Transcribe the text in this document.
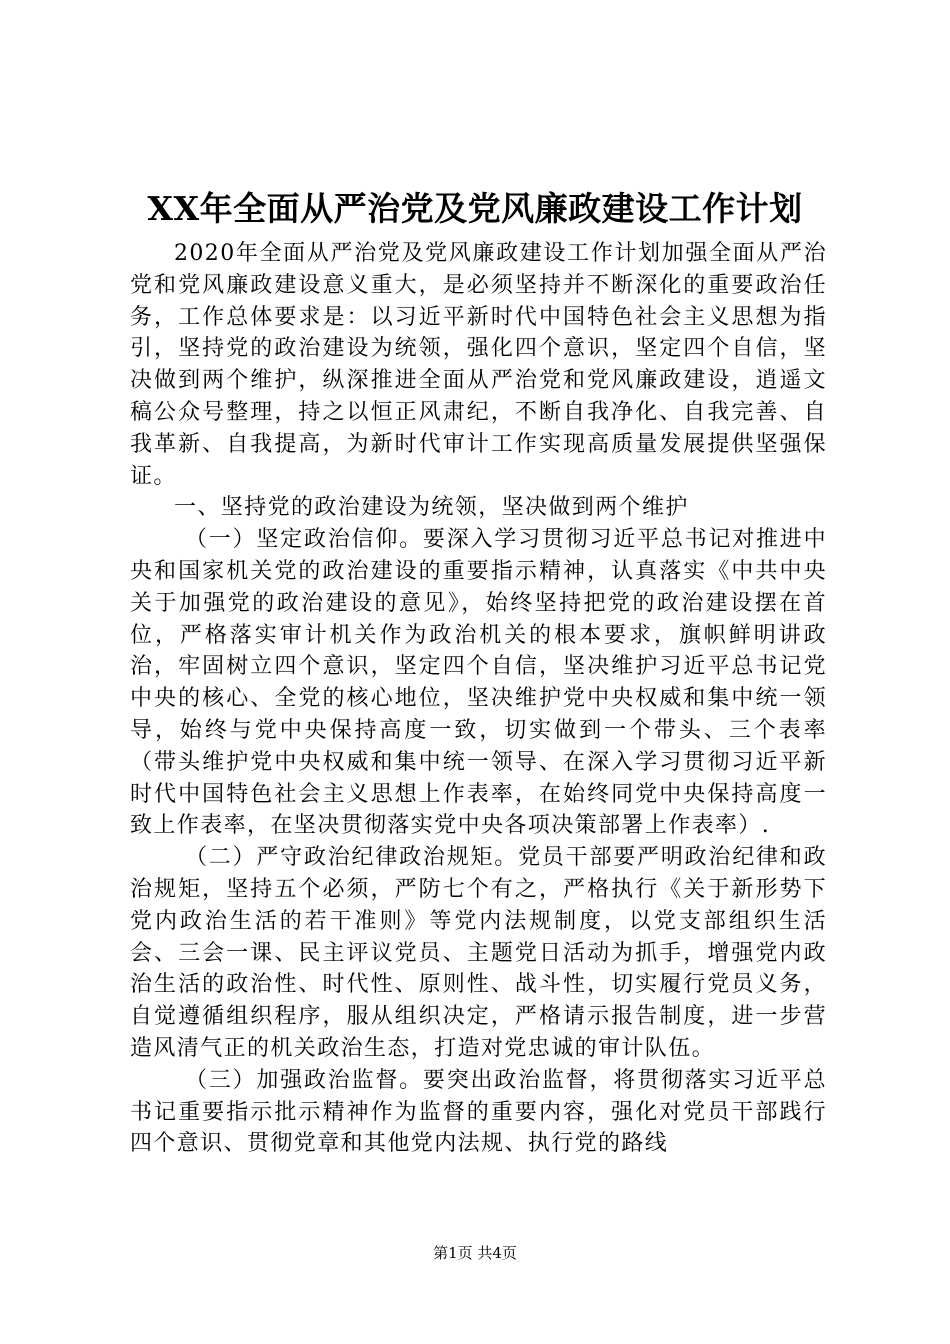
XX年全面从严治党及党风廉政建设工作计划

2020年全面从严治党及党风廉政建设工作计划加强全面从严治党和党风廉政建设意义重大，是必须坚持并不断深化的重要政治任务，工作总体要求是：以习近平新时代中国特色社会主义思想为指引，坚持党的政治建设为统领，强化四个意识，坚定四个自信，坚决做到两个维护，纵深推进全面从严治党和党风廉政建设，逍遥文稿公众号整理，持之以恒正风肃纪，不断自我净化、自我完善、自我革新、自我提高，为新时代审计工作实现高质量发展提供坚强保证。

一、坚持党的政治建设为统领，坚决做到两个维护

（一）坚定政治信仰。要深入学习贯彻习近平总书记对推进中央和国家机关党的政治建设的重要指示精神，认真落实《中共中央关于加强党的政治建设的意见》，始终坚持把党的政治建设摆在首位，严格落实审计机关作为政治机关的根本要求，旗帜鲜明讲政治，牢固树立四个意识，坚定四个自信，坚决维护习近平总书记党中央的核心、全党的核心地位，坚决维护党中央权威和集中统一领导，始终与党中央保持高度一致，切实做到一个带头、三个表率（带头维护党中央权威和集中统一领导、在深入学习贯彻习近平新时代中国特色社会主义思想上作表率，在始终同党中央保持高度一致上作表率，在坚决贯彻落实党中央各项决策部署上作表率）.

（二）严守政治纪律政治规矩。党员干部要严明政治纪律和政治规矩，坚持五个必须，严防七个有之，严格执行《关于新形势下党内政治生活的若干准则》等党内法规制度，以党支部组织生活会、三会一课、民主评议党员、主题党日活动为抓手，增强党内政治生活的政治性、时代性、原则性、战斗性，切实履行党员义务，自觉遵循组织程序，服从组织决定，严格请示报告制度，进一步营造风清气正的机关政治生态，打造对党忠诚的审计队伍。

（三）加强政治监督。要突出政治监督，将贯彻落实习近平总书记重要指示批示精神作为监督的重要内容，强化对党员干部践行四个意识、贯彻党章和其他党内法规、执行党的路线

第1页 共4页
